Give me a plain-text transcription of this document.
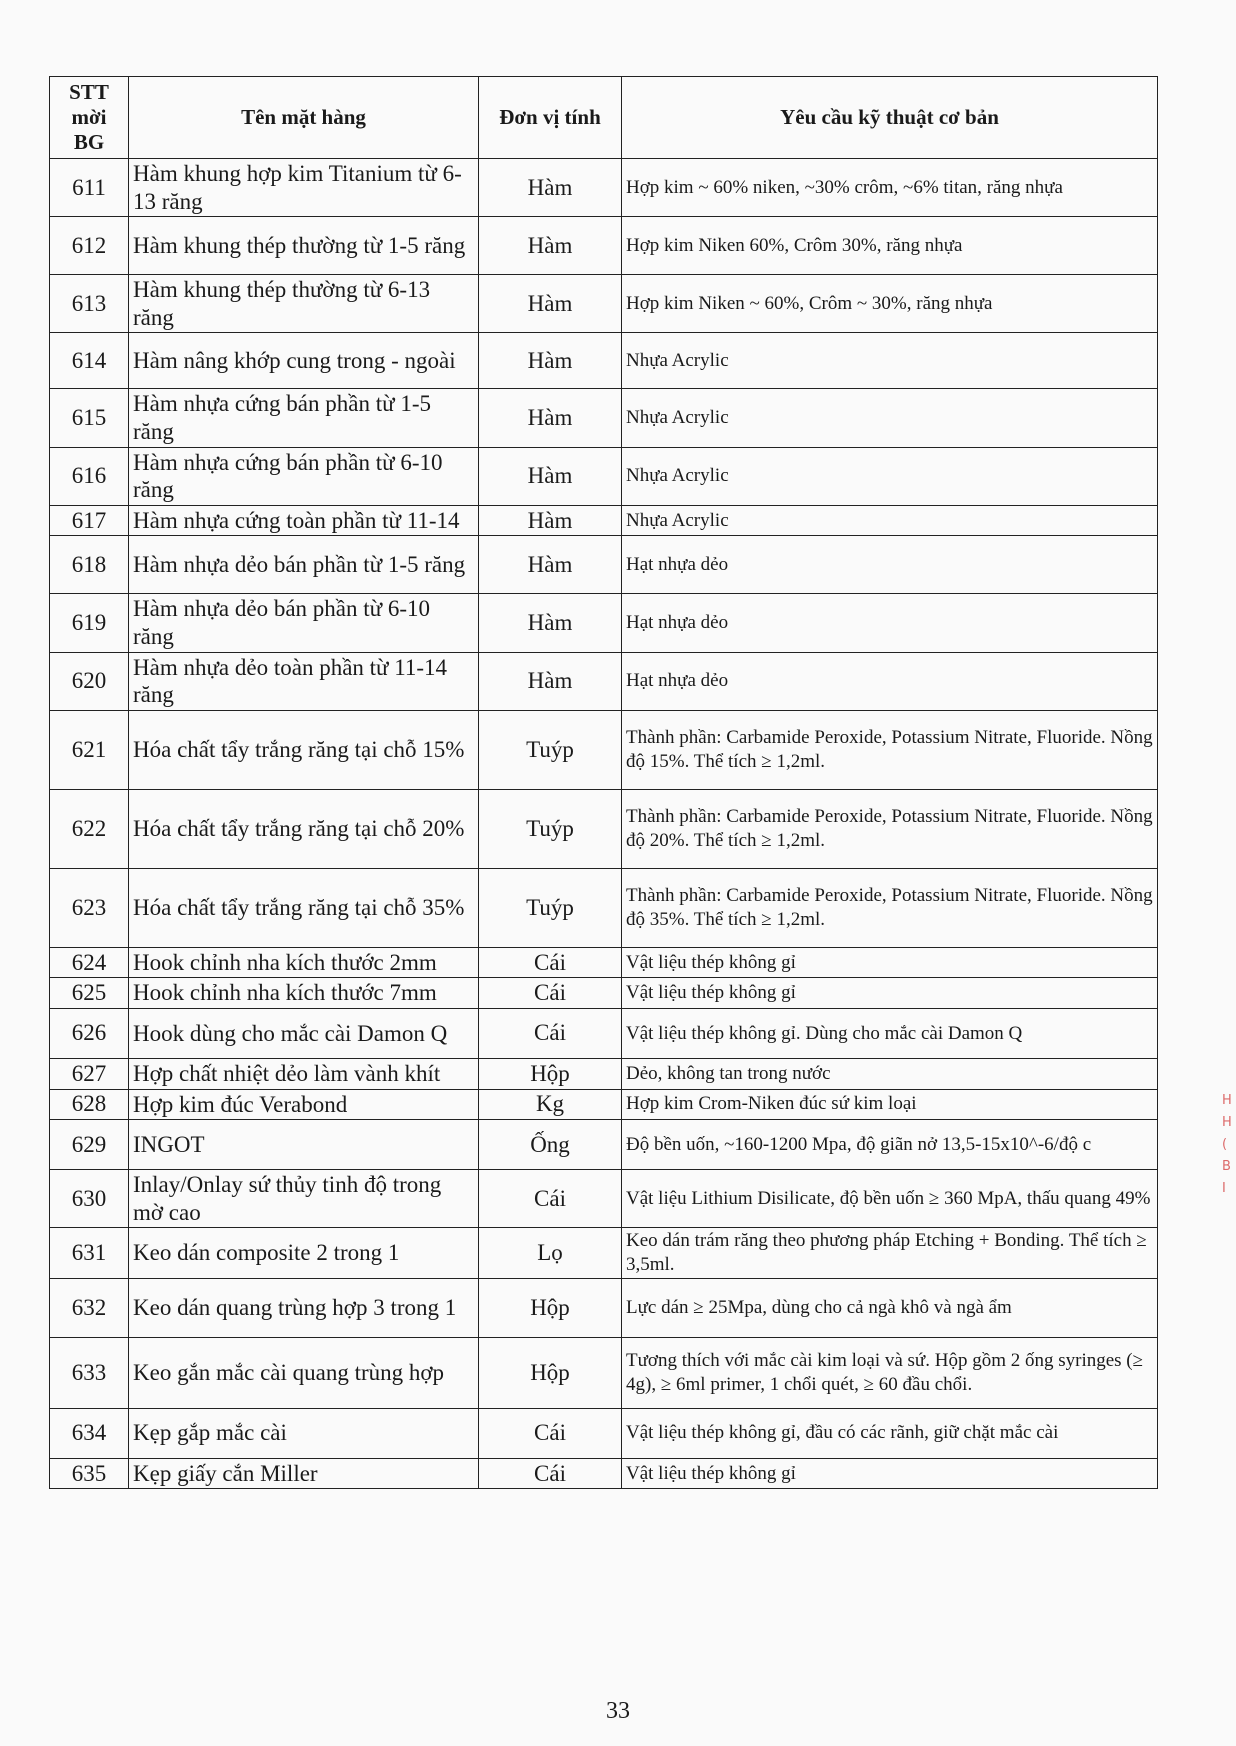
STT mời BG	Tên mặt hàng	Đơn vị tính	Yêu cầu kỹ thuật cơ bản
611	Hàm khung hợp kim Titanium từ 6-13 răng	Hàm	Hợp kim ~ 60% niken, ~30% crôm, ~6% titan, răng nhựa
612	Hàm khung thép thường từ 1-5 răng	Hàm	Hợp kim Niken 60%, Crôm 30%, răng nhựa
613	Hàm khung thép thường từ 6-13 răng	Hàm	Hợp kim Niken ~ 60%, Crôm ~ 30%, răng nhựa
614	Hàm nâng khớp cung trong - ngoài	Hàm	Nhựa Acrylic
615	Hàm nhựa cứng bán phần từ 1-5 răng	Hàm	Nhựa Acrylic
616	Hàm nhựa cứng bán phần từ 6-10 răng	Hàm	Nhựa Acrylic
617	Hàm nhựa cứng toàn phần từ 11-14	Hàm	Nhựa Acrylic
618	Hàm nhựa dẻo bán phần từ 1-5 răng	Hàm	Hạt nhựa dẻo
619	Hàm nhựa dẻo bán phần từ 6-10 răng	Hàm	Hạt nhựa dẻo
620	Hàm nhựa dẻo toàn phần từ 11-14 răng	Hàm	Hạt nhựa dẻo
621	Hóa chất tẩy trắng răng tại chỗ 15%	Tuýp	Thành phần: Carbamide Peroxide, Potassium Nitrate, Fluoride. Nồng độ 15%. Thể tích ≥ 1,2ml.
622	Hóa chất tẩy trắng răng tại chỗ 20%	Tuýp	Thành phần: Carbamide Peroxide, Potassium Nitrate, Fluoride. Nồng độ 20%. Thể tích ≥ 1,2ml.
623	Hóa chất tẩy trắng răng tại chỗ 35%	Tuýp	Thành phần: Carbamide Peroxide, Potassium Nitrate, Fluoride. Nồng độ 35%. Thể tích ≥ 1,2ml.
624	Hook chỉnh nha kích thước 2mm	Cái	Vật liệu thép không gỉ
625	Hook chỉnh nha kích thước 7mm	Cái	Vật liệu thép không gỉ
626	Hook dùng cho mắc cài Damon Q	Cái	Vật liệu thép không gỉ. Dùng cho mắc cài Damon Q
627	Hợp chất nhiệt dẻo làm vành khít	Hộp	Dẻo, không tan trong nước
628	Hợp kim đúc Verabond	Kg	Hợp kim Crom-Niken đúc sứ kim loại
629	INGOT	Ống	Độ bền uốn, ~160-1200 Mpa, độ giãn nở 13,5-15x10^-6/độ c
630	Inlay/Onlay sứ thủy tinh độ trong mờ cao	Cái	Vật liệu Lithium Disilicate, độ bền uốn ≥ 360 MpA, thấu quang 49%
631	Keo dán composite 2 trong 1	Lọ	Keo dán trám răng theo phương pháp Etching + Bonding. Thể tích ≥ 3,5ml.
632	Keo dán quang trùng hợp 3 trong 1	Hộp	Lực dán ≥ 25Mpa, dùng cho cả ngà khô và ngà ẩm
633	Keo gắn mắc cài quang trùng hợp	Hộp	Tương thích với mắc cài kim loại và sứ. Hộp gồm 2 ống syringes (≥ 4g), ≥ 6ml primer, 1 chổi quét, ≥ 60 đầu chổi.
634	Kẹp gắp mắc cài	Cái	Vật liệu thép không gỉ, đầu có các rãnh, giữ chặt mắc cài
635	Kẹp giấy cắn Miller	Cái	Vật liệu thép không gỉ
33
H
H
(
B
I
